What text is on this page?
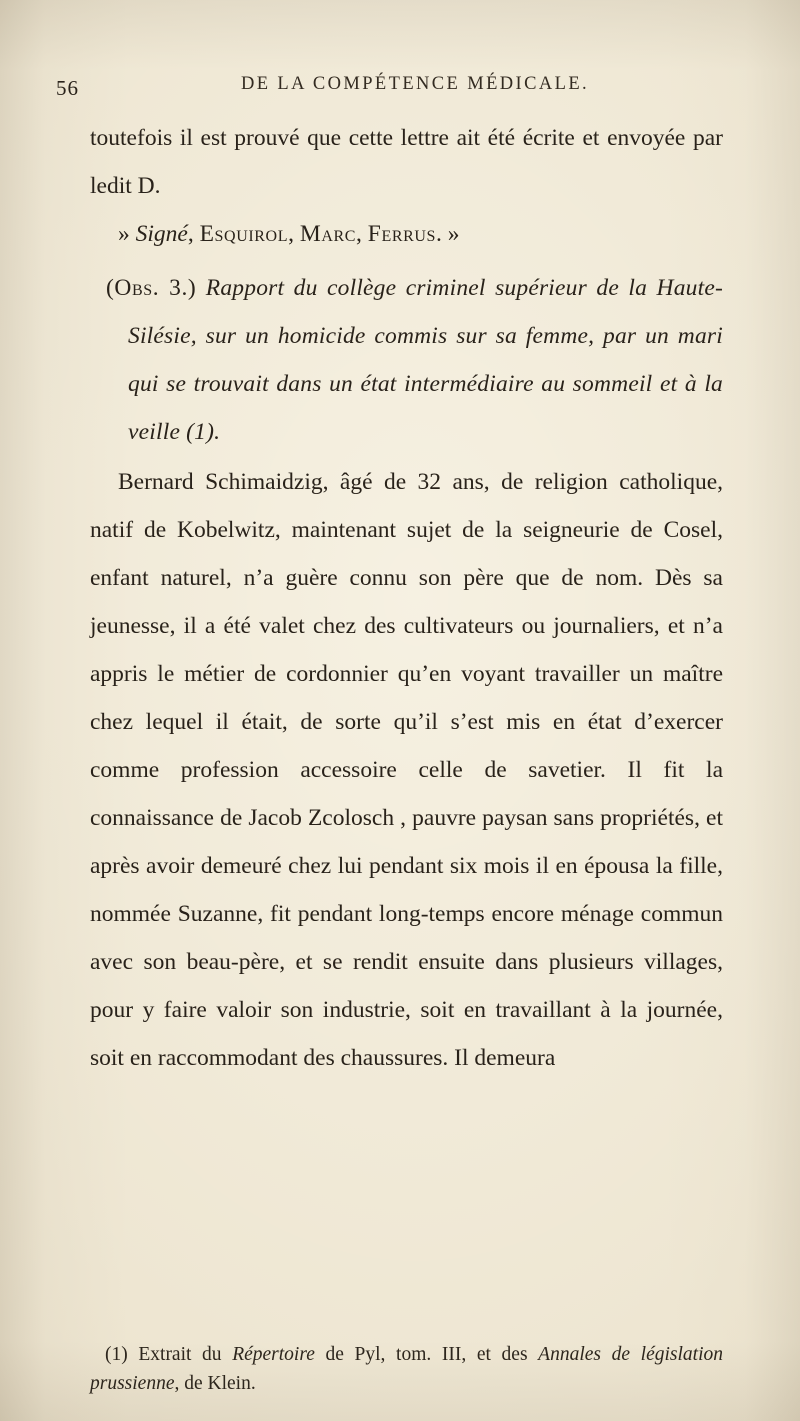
56	DE LA COMPÉTENCE MÉDICALE.

toutefois il est prouvé que cette lettre ait été écrite et envoyée par ledit D.

» Signé, Esquirol, Marc, Ferrus. »

(Obs. 3.) Rapport du collège criminel supérieur de la Haute-Silésie, sur un homicide commis sur sa femme, par un mari qui se trouvait dans un état intermédiaire au sommeil et à la veille (1).

Bernard Schimaidzig, âgé de 32 ans, de religion catholique, natif de Kobelwitz, maintenant sujet de la seigneurie de Cosel, enfant naturel, n’a guère connu son père que de nom. Dès sa jeunesse, il a été valet chez des cultivateurs ou journaliers, et n’a appris le métier de cordonnier qu’en voyant travailler un maître chez lequel il était, de sorte qu’il s’est mis en état d’exercer comme profession accessoire celle de savetier. Il fit la connaissance de Jacob Zcolosch , pauvre paysan sans propriétés, et après avoir demeuré chez lui pendant six mois il en épousa la fille, nommée Suzanne, fit pendant long-temps encore ménage commun avec son beau-père, et se rendit ensuite dans plusieurs villages, pour y faire valoir son industrie, soit en travaillant à la journée, soit en raccommodant des chaussures. Il demeura

(1) Extrait du Répertoire de Pyl, tom. III, et des Annales de législation prussienne, de Klein.
